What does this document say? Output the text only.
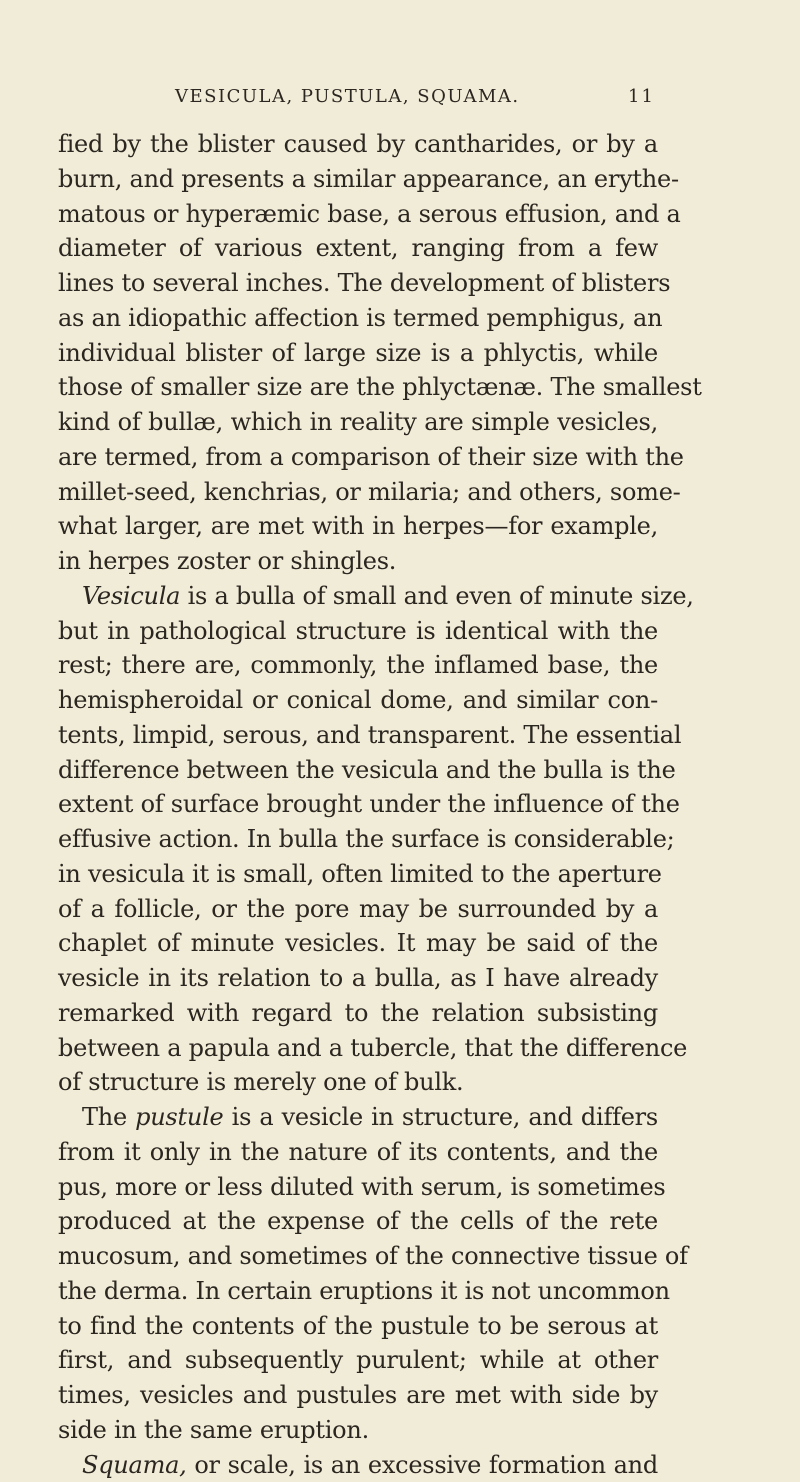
VESICULA, PUSTULA, SQUAMA.	11
fied by the blister caused by cantharides, or by a
burn, and presents a similar appearance, an erythe-
matous or hyperæmic base, a serous effusion, and a
diameter of various extent, ranging from a few
lines to several inches. The development of blisters
as an idiopathic affection is termed pemphigus, an
individual blister of large size is a phlyctis, while
those of smaller size are the phlyctænæ. The smallest
kind of bullæ, which in reality are simple vesicles,
are termed, from a comparison of their size with the
millet-seed, kenchrias, or milaria; and others, some-
what larger, are met with in herpes—for example,
in herpes zoster or shingles.
Vesicula is a bulla of small and even of minute size,
but in pathological structure is identical with the
rest; there are, commonly, the inflamed base, the
hemispheroidal or conical dome, and similar con-
tents, limpid, serous, and transparent. The essential
difference between the vesicula and the bulla is the
extent of surface brought under the influence of the
effusive action. In bulla the surface is considerable;
in vesicula it is small, often limited to the aperture
of a follicle, or the pore may be surrounded by a
chaplet of minute vesicles. It may be said of the
vesicle in its relation to a bulla, as I have already
remarked with regard to the relation subsisting
between a papula and a tubercle, that the difference
of structure is merely one of bulk.
The pustule is a vesicle in structure, and differs
from it only in the nature of its contents, and the
pus, more or less diluted with serum, is sometimes
produced at the expense of the cells of the rete
mucosum, and sometimes of the connective tissue of
the derma. In certain eruptions it is not uncommon
to find the contents of the pustule to be serous at
first, and subsequently purulent; while at other
times, vesicles and pustules are met with side by
side in the same eruption.
Squama, or scale, is an excessive formation and
